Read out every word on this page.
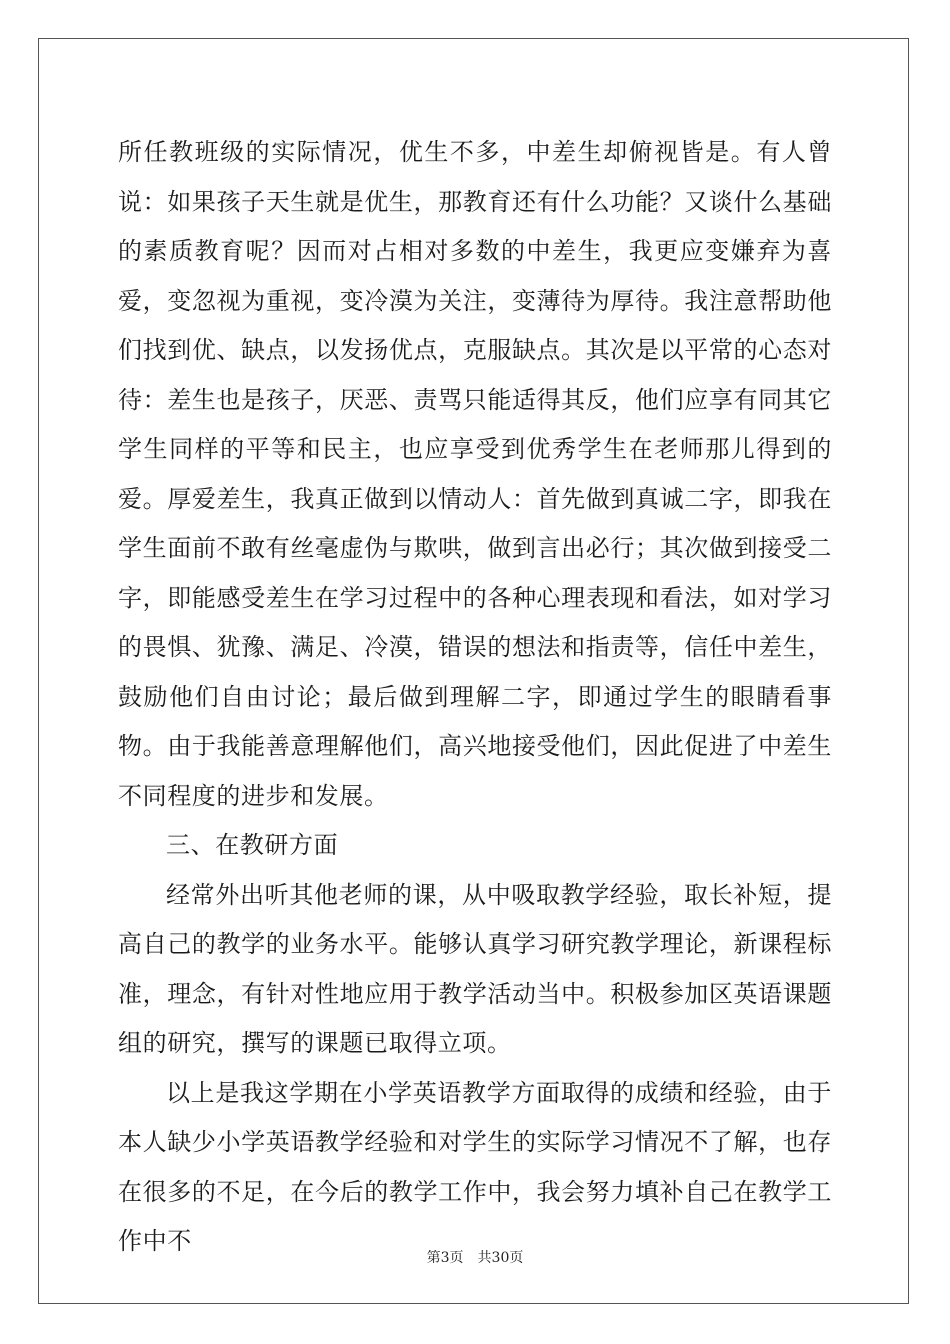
所任教班级的实际情况，优生不多，中差生却俯视皆是。有人曾说：如果孩子天生就是优生，那教育还有什么功能？又谈什么基础的素质教育呢？因而对占相对多数的中差生，我更应变嫌弃为喜爱，变忽视为重视，变冷漠为关注，变薄待为厚待。我注意帮助他们找到优、缺点，以发扬优点，克服缺点。其次是以平常的心态对待：差生也是孩子，厌恶、责骂只能适得其反，他们应享有同其它学生同样的平等和民主，也应享受到优秀学生在老师那儿得到的爱。厚爱差生，我真正做到以情动人：首先做到真诚二字，即我在学生面前不敢有丝毫虚伪与欺哄，做到言出必行；其次做到接受二字，即能感受差生在学习过程中的各种心理表现和看法，如对学习的畏惧、犹豫、满足、冷漠，错误的想法和指责等，信任中差生，鼓励他们自由讨论；最后做到理解二字，即通过学生的眼睛看事物。由于我能善意理解他们，高兴地接受他们，因此促进了中差生不同程度的进步和发展。

三、在教研方面

经常外出听其他老师的课，从中吸取教学经验，取长补短，提高自己的教学的业务水平。能够认真学习研究教学理论，新课程标准，理念，有针对性地应用于教学活动当中。积极参加区英语课题组的研究，撰写的课题已取得立项。

以上是我这学期在小学英语教学方面取得的成绩和经验，由于本人缺少小学英语教学经验和对学生的实际学习情况不了解，也存在很多的不足，在今后的教学工作中，我会努力填补自己在教学工作中不

第3页　共30页
